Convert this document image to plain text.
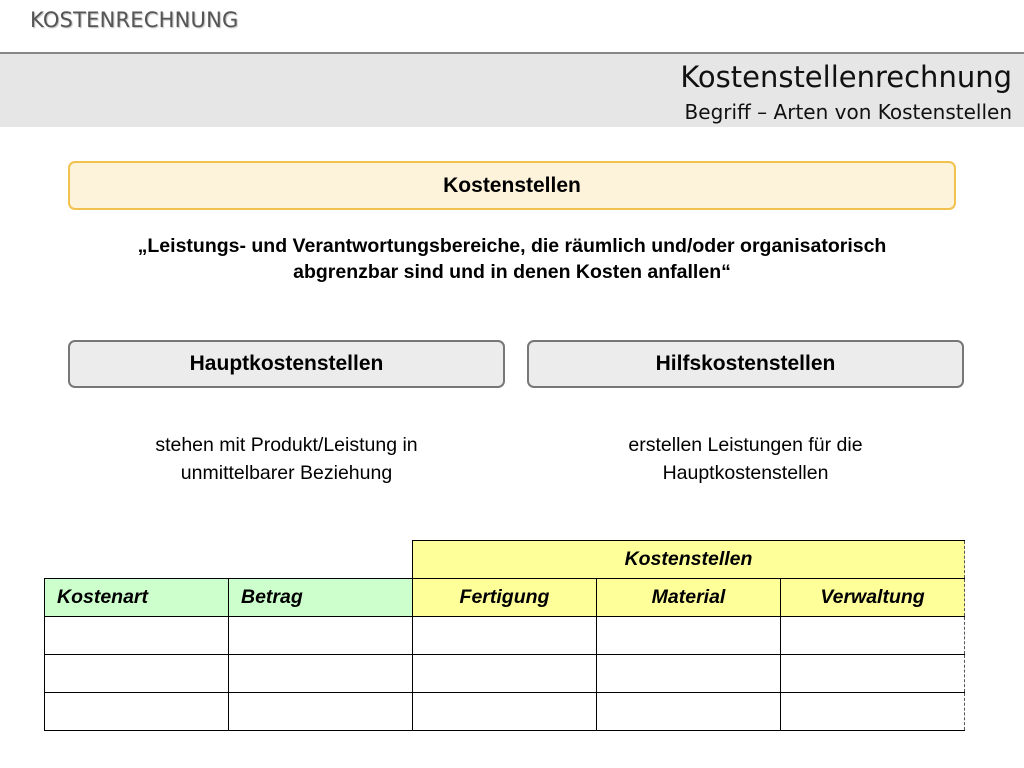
KOSTENRECHNUNG
Kostenstellenrechnung
Begriff – Arten von Kostenstellen
Kostenstellen
„Leistungs- und Verantwortungsbereiche, die räumlich und/oder organisatorisch
abgrenzbar sind und in denen Kosten anfallen“
Hauptkostenstellen	Hilfskostenstellen
stehen mit Produkt/Leistung in
unmittelbarer Beziehung
erstellen Leistungen für die
Hauptkostenstellen
		Kostenstellen		
Kostenart	Betrag	Fertigung	Material	Verwaltung
